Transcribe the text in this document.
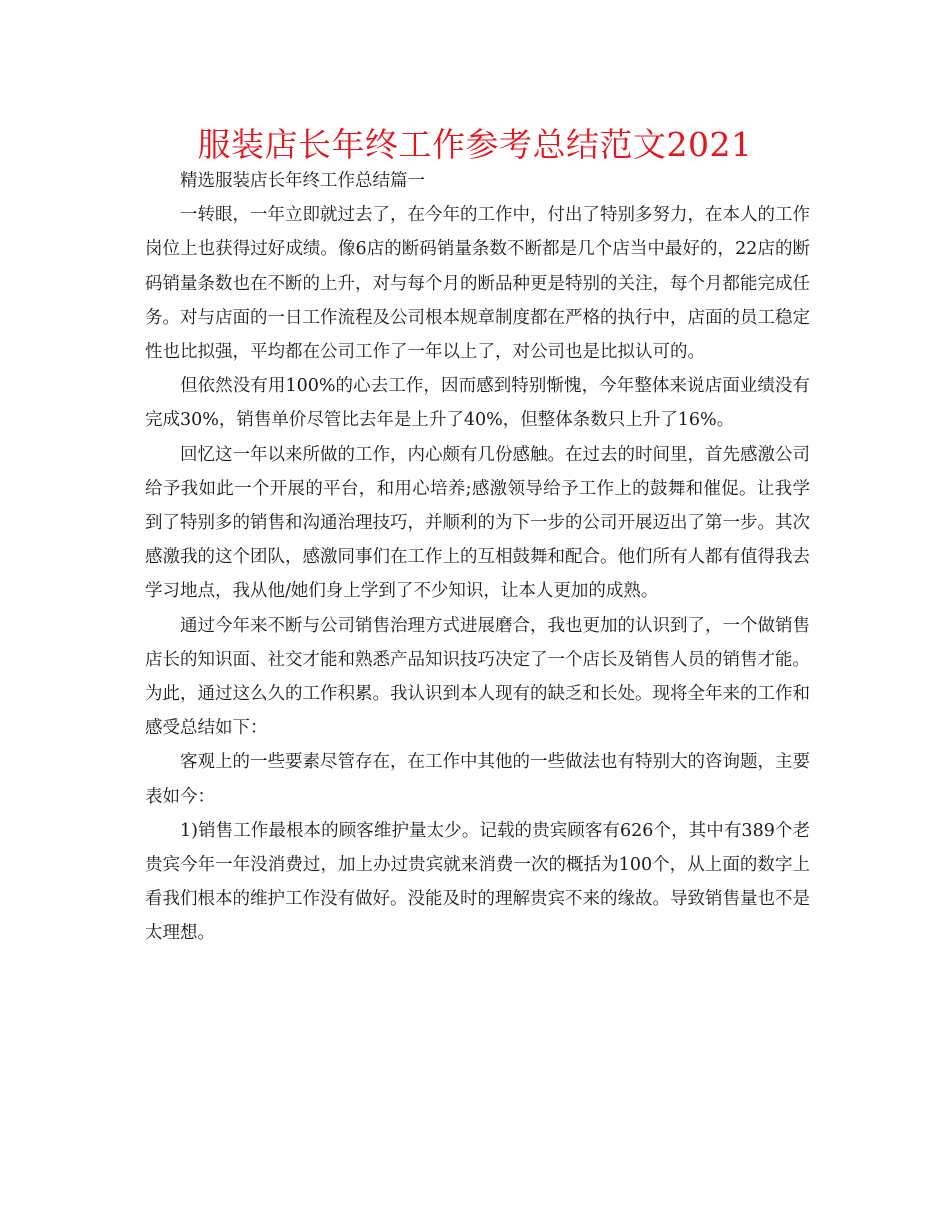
服装店长年终工作参考总结范文2021

精选服装店长年终工作总结篇一

一转眼，一年立即就过去了，在今年的工作中，付出了特别多努力，在本人的工作岗位上也获得过好成绩。像6店的断码销量条数不断都是几个店当中最好的，22店的断码销量条数也在不断的上升，对与每个月的断品种更是特别的关注，每个月都能完成任务。对与店面的一日工作流程及公司根本规章制度都在严格的执行中，店面的员工稳定性也比拟强，平均都在公司工作了一年以上了，对公司也是比拟认可的。

但依然没有用100%的心去工作，因而感到特别惭愧，今年整体来说店面业绩没有完成30%，销售单价尽管比去年是上升了40%，但整体条数只上升了16%。

回忆这一年以来所做的工作，内心颇有几份感触。在过去的时间里，首先感激公司给予我如此一个开展的平台，和用心培养;感激领导给予工作上的鼓舞和催促。让我学到了特别多的销售和沟通治理技巧，并顺利的为下一步的公司开展迈出了第一步。其次感激我的这个团队，感激同事们在工作上的互相鼓舞和配合。他们所有人都有值得我去学习地点，我从他/她们身上学到了不少知识，让本人更加的成熟。

通过今年来不断与公司销售治理方式进展磨合，我也更加的认识到了，一个做销售店长的知识面、社交才能和熟悉产品知识技巧决定了一个店长及销售人员的销售才能。为此，通过这么久的工作积累。我认识到本人现有的缺乏和长处。现将全年来的工作和感受总结如下：

客观上的一些要素尽管存在，在工作中其他的一些做法也有特别大的咨询题，主要表如今：

1)销售工作最根本的顾客维护量太少。记载的贵宾顾客有626个，其中有389个老贵宾今年一年没消费过，加上办过贵宾就来消费一次的概括为100个，从上面的数字上看我们根本的维护工作没有做好。没能及时的理解贵宾不来的缘故。导致销售量也不是太理想。
